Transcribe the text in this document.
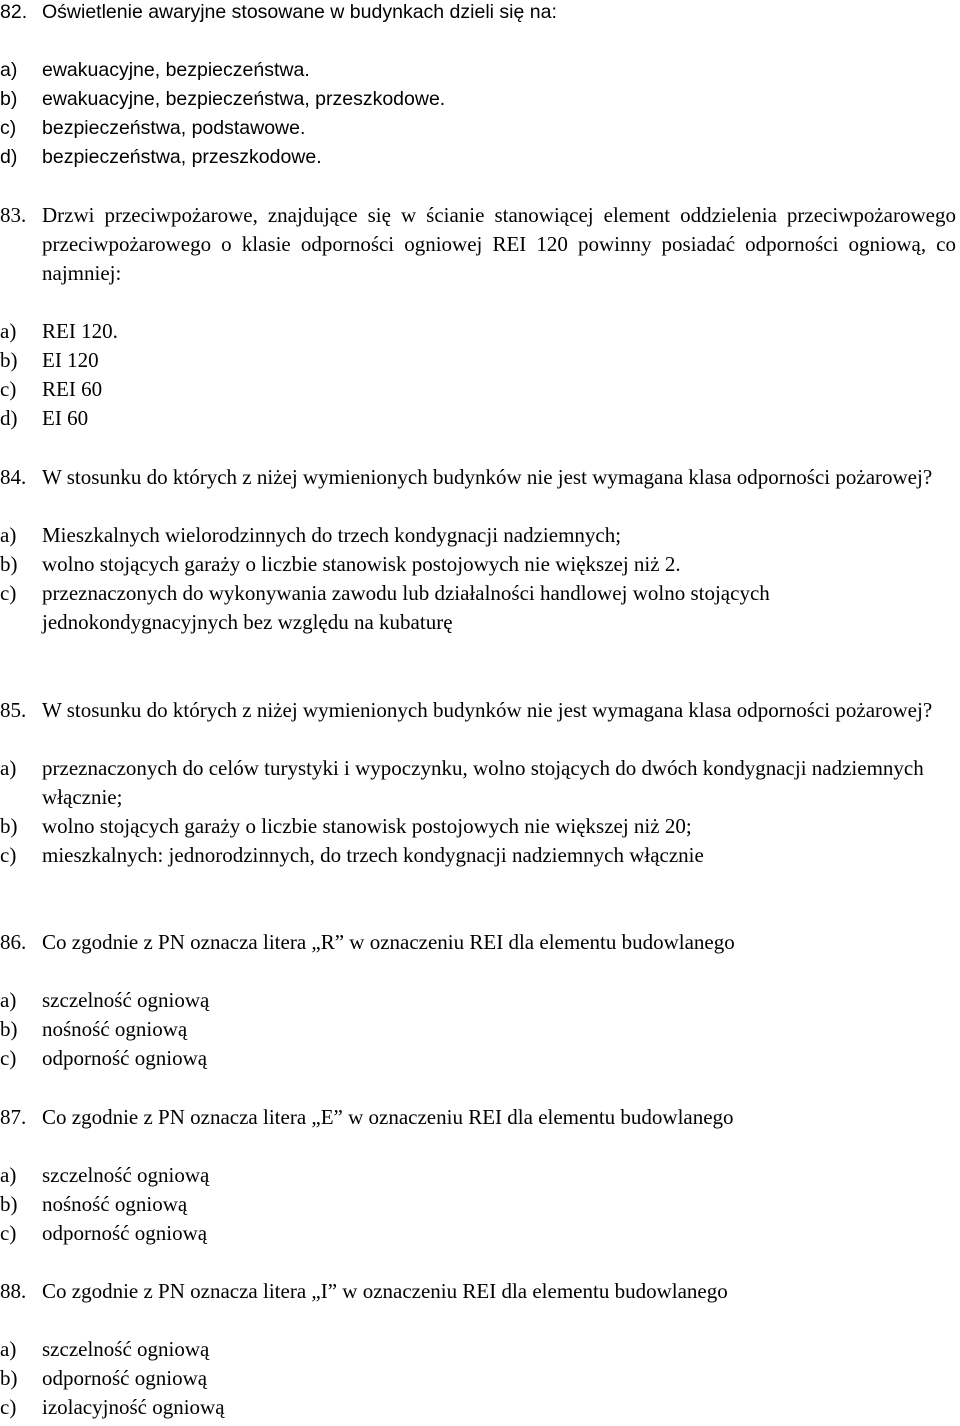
82. Oświetlenie awaryjne stosowane w budynkach dzieli się na:
a)	ewakuacyjne, bezpieczeństwa.
b)	ewakuacyjne, bezpieczeństwa, przeszkodowe.
c)	bezpieczeństwa, podstawowe.
d)	bezpieczeństwa, przeszkodowe.
83. Drzwi przeciwpożarowe, znajdujące się w ścianie stanowiącej element oddzielenia przeciwpożarowego przeciwpożarowego o klasie odporności ogniowej REI 120 powinny posiadać odporności ogniową, co najmniej:
a)	REI 120.
b)	EI 120
c)	REI 60
d)	EI 60
84. W stosunku do których z niżej wymienionych budynków nie jest wymagana klasa odporności pożarowej?
a)	Mieszkalnych wielorodzinnych do trzech kondygnacji nadziemnych;
b)	wolno stojących garaży o liczbie stanowisk postojowych nie większej niż 2.
c)	przeznaczonych do wykonywania zawodu lub działalności handlowej wolno stojących jednokondygnacyjnych bez względu na kubaturę
85. W stosunku do których z niżej wymienionych budynków nie jest wymagana klasa odporności pożarowej?
a)	przeznaczonych do celów turystyki i wypoczynku, wolno stojących do dwóch kondygnacji nadziemnych włącznie;
b)	wolno stojących garaży o liczbie stanowisk postojowych nie większej niż 20;
c)	mieszkalnych: jednorodzinnych, do trzech kondygnacji nadziemnych włącznie
86. Co zgodnie z PN oznacza litera „R” w oznaczeniu REI dla elementu budowlanego
a)	szczelność ogniową
b)	nośność ogniową
c)	odporność ogniową
87. Co zgodnie z PN oznacza litera „E” w oznaczeniu REI dla elementu budowlanego
a)	szczelność ogniową
b)	nośność ogniową
c)	odporność ogniową
88. Co zgodnie z PN oznacza litera „I” w oznaczeniu REI dla elementu budowlanego
a)	szczelność ogniową
b)	odporność ogniową
c)	izolacyjność ogniową
